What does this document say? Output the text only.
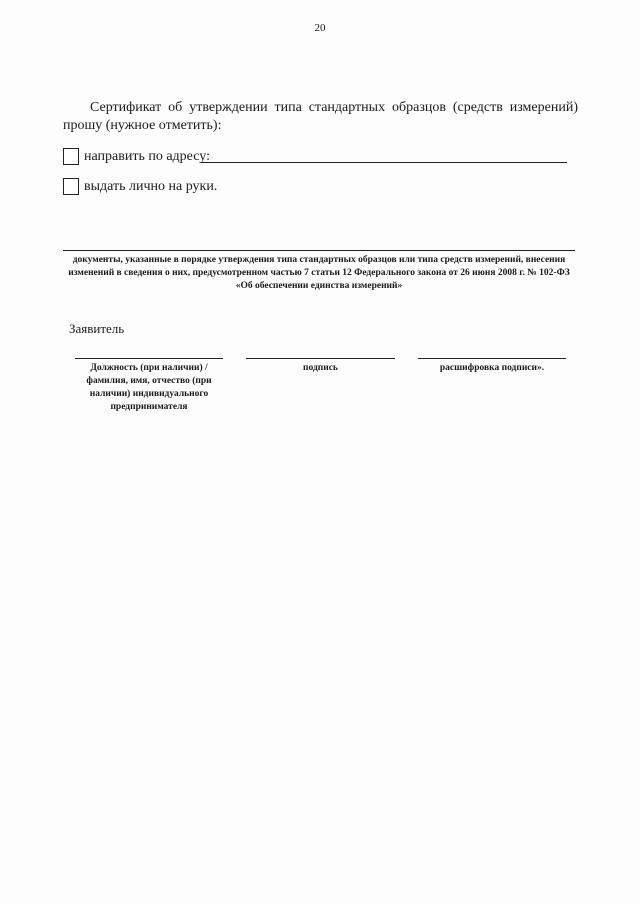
20
Сертификат об утверждении типа стандартных образцов (средств измерений) прошу (нужное отметить):
направить по адресу:
выдать лично на руки.
документы, указанные в порядке утверждения типа стандартных образцов или типа средств измерений, внесения изменений в сведения о них, предусмотренном частью 7 статьи 12 Федерального закона от 26 июня 2008 г. № 102-ФЗ «Об обеспечении единства измерений»
Заявитель
Должность (при наличии) / фамилия, имя, отчество (при наличии) индивидуального предпринимателя
подпись	расшифровка подписи».
